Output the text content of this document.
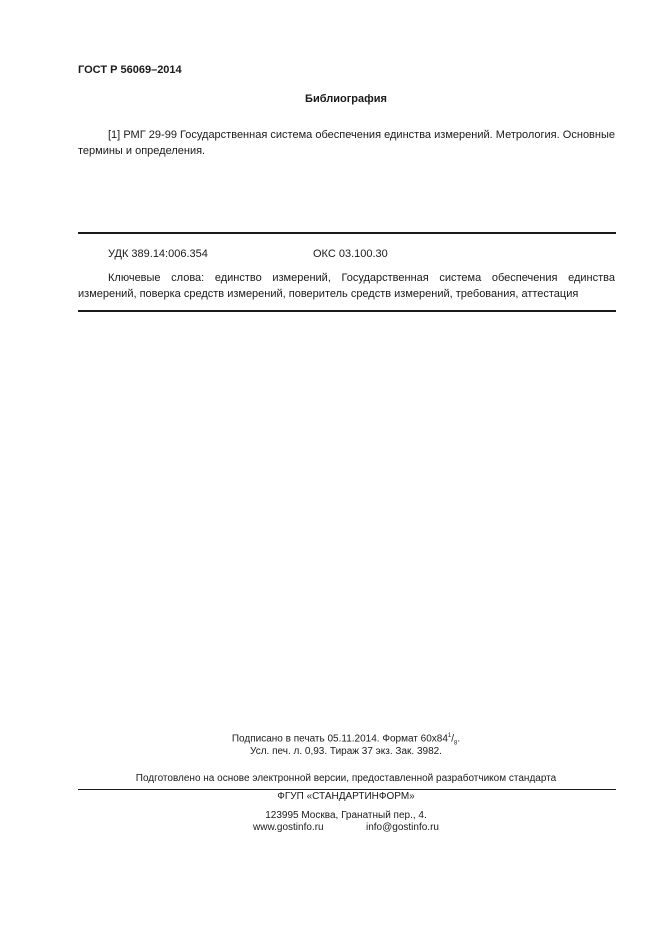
ГОСТ Р 56069–2014
Библиография
[1] РМГ 29-99 Государственная система обеспечения единства измерений. Метрология. Основные термины и определения.
УДК 389.14:006.354	ОКС 03.100.30
Ключевые слова: единство измерений, Государственная система обеспечения единства измерений, поверка средств измерений, поверитель средств измерений, требования, аттестация
Подписано в печать 05.11.2014. Формат $60x84^1/_8$.
Усл. печ. л. 0,93. Тираж 37 экз. Зак. 3982.
Подготовлено на основе электронной версии, предоставленной разработчиком стандарта
ФГУП «СТАНДАРТИНФОРМ»
123995 Москва, Гранатный пер., 4.
www.gostinfo.ru	info@gostinfo.ru
